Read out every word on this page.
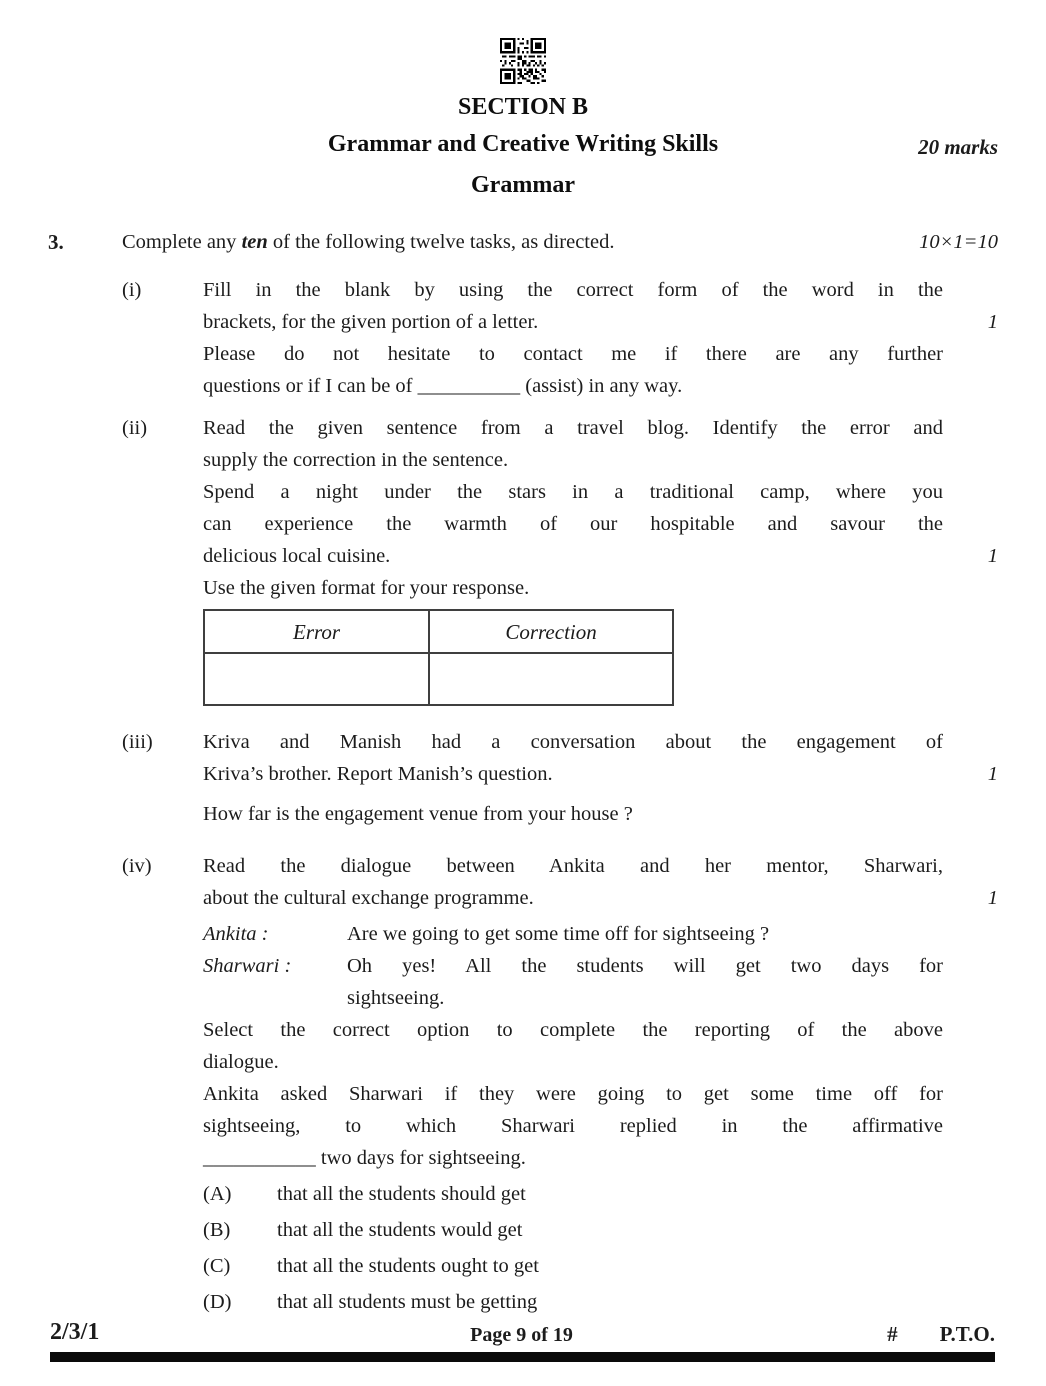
SECTION B
Grammar and Creative Writing Skills	20 marks
Grammar
3.	Complete any ten of the following twelve tasks, as directed.	10×1=10
(i)	Fill in the blank by using the correct form of the word in the
brackets, for the given portion of a letter.
Please do not hesitate to contact me if there are any further
questions or if I can be of __________ (assist) in any way.
1
(ii)	Read the given sentence from a travel blog. Identify the error and
supply the correction in the sentence.
Spend a night under the stars in a traditional camp, where you
can experience the warmth of our hospitable and savour the
delicious local cuisine.
Use the given format for your response.
Error	Correction

1
(iii)	Kriva and Manish had a conversation about the engagement of
Kriva’s brother. Report Manish’s question.
How far is the engagement venue from your house ?
1
(iv)	Read the dialogue between Ankita and her mentor, Sharwari,
about the cultural exchange programme.
Ankita :	Are we going to get some time off for sightseeing ?
Sharwari :	Oh yes! All the students will get two days for
sightseeing.
Select the correct option to complete the reporting of the above
dialogue.
Ankita asked Sharwari if they were going to get some time off for
sightseeing, to which Sharwari replied in the affirmative
___________ two days for sightseeing.
(A)	that all the students should get
(B)	that all the students would get
(C)	that all the students ought to get
(D)	that all students must be getting
1
2/3/1	Page 9 of 19	# P.T.O.
